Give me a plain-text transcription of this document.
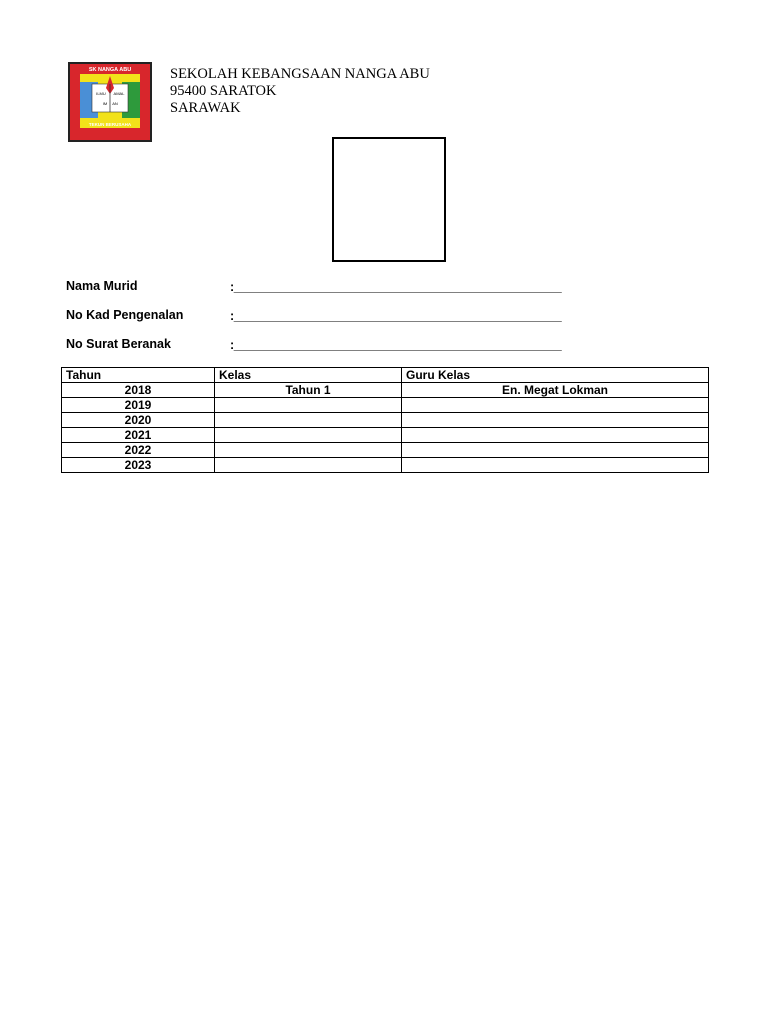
SK NANGA ABU
ILMU AMAL
IM AN
TEKUN BERUSAHA
SEKOLAH KEBANGSAAN NANGA ABU
95400 SARATOK
SARAWAK
Nama Murid	:__________________________________________________
No Kad Pengenalan	:__________________________________________________
No Surat Beranak	:__________________________________________________
Tahun	Kelas	Guru Kelas
2018	Tahun 1	En. Megat Lokman
2019		
2020		
2021		
2022		
2023		
